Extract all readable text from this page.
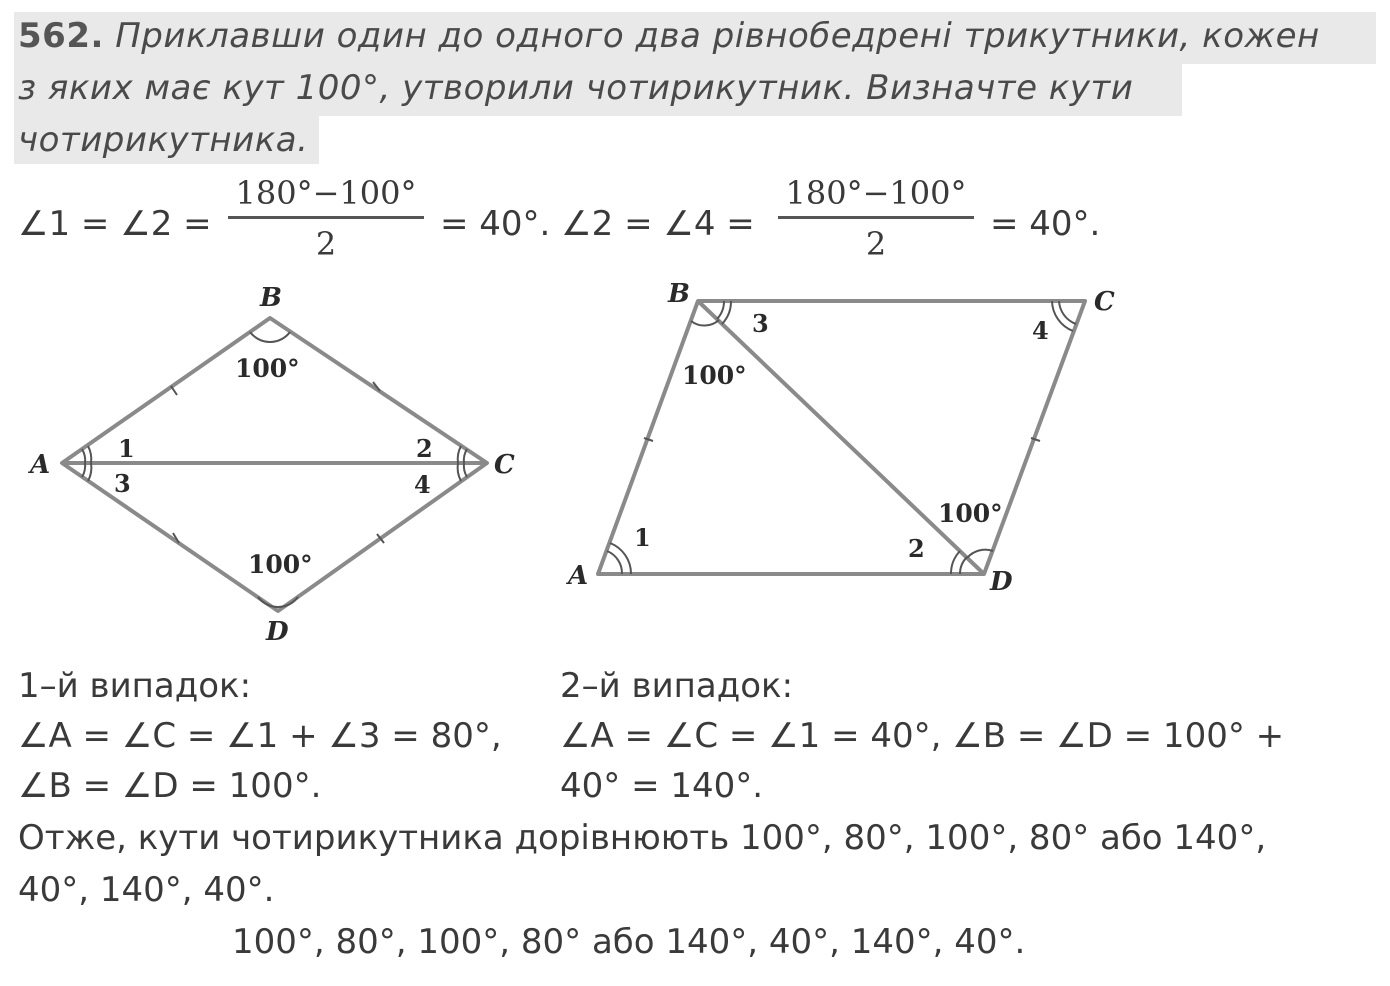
562. Приклавши один до одного два рівнобедрені трикутники, кожен
з яких має кут 100°, утворили чотирикутник. Визначте кути
чотирикутника.
∠1 = ∠2 =
180°−100°
2	= 40°. ∠2 = ∠4 =
180°−100°
2	= 40°.
B
A	C
D
100°
100°
1
3
2
4
B	C
A	D
100°
100°
3	4
1	2
1–й випадок:
∠A = ∠C = ∠1 + ∠3 = 80°,
∠B = ∠D = 100°.
2–й випадок:
∠A = ∠C = ∠1 = 40°, ∠B = ∠D = 100° +
40° = 140°.
Отже, кути чотирикутника дорівнюють 100°, 80°, 100°, 80° або 140°,
40°, 140°, 40°.
100°, 80°, 100°, 80° або 140°, 40°, 140°, 40°.
